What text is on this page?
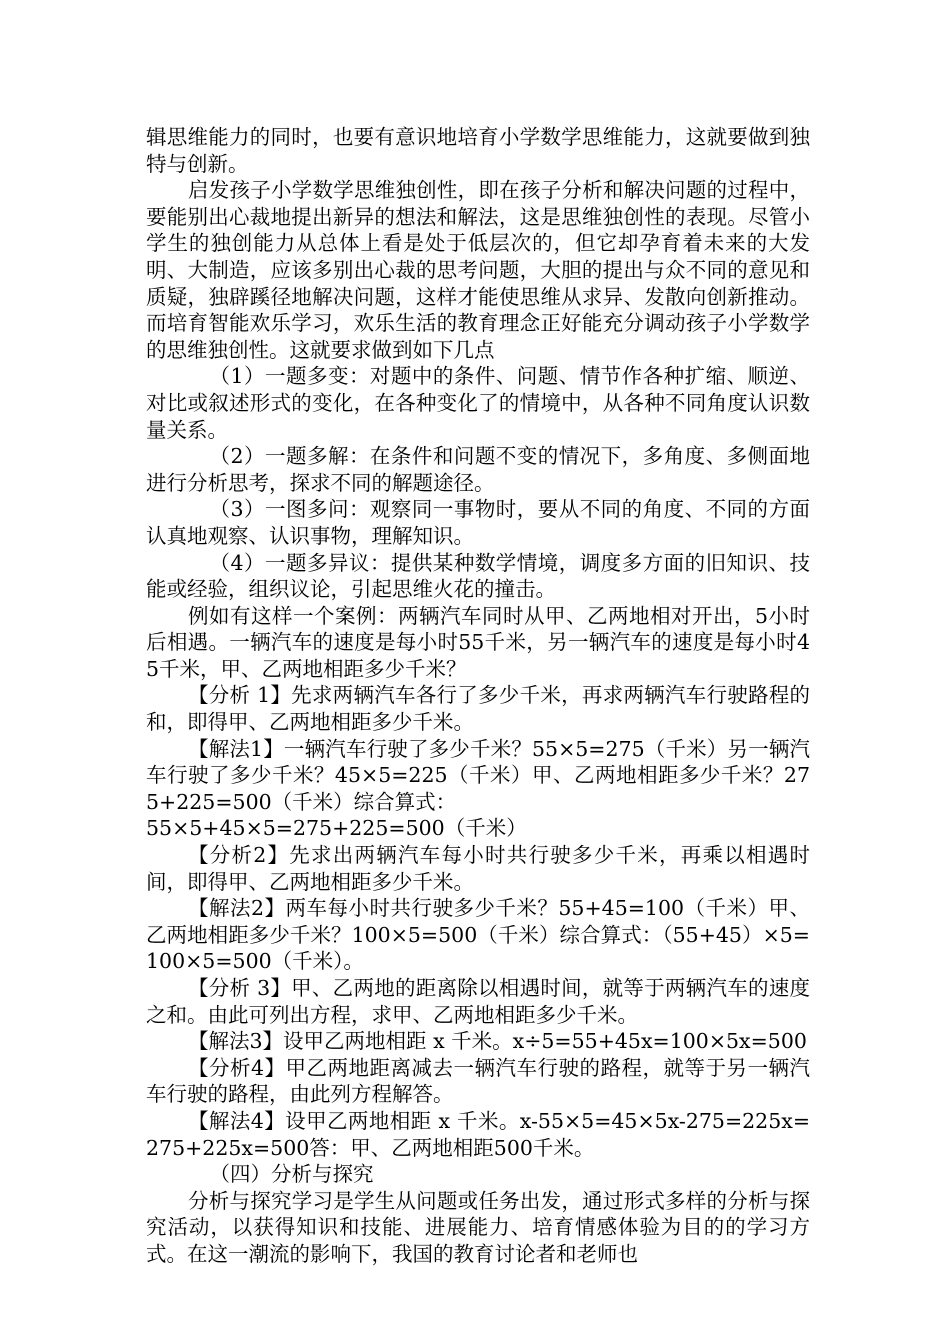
辑思维能力的同时，也要有意识地培育小学数学思维能力，这就要做到独特与创新。

启发孩子小学数学思维独创性，即在孩子分析和解决问题的过程中，要能别出心裁地提出新异的想法和解法，这是思维独创性的表现。尽管小学生的独创能力从总体上看是处于低层次的，但它却孕育着未来的大发明、大制造，应该多别出心裁的思考问题，大胆的提出与众不同的意见和质疑，独辟蹊径地解决问题，这样才能使思维从求异、发散向创新推动。而培育智能欢乐学习，欢乐生活的教育理念正好能充分调动孩子小学数学的思维独创性。这就要求做到如下几点

（1）一题多变：对题中的条件、问题、情节作各种扩缩、顺逆、对比或叙述形式的变化，在各种变化了的情境中，从各种不同角度认识数量关系。

（2）一题多解：在条件和问题不变的情况下，多角度、多侧面地进行分析思考，探求不同的解题途径。

（3）一图多问：观察同一事物时，要从不同的角度、不同的方面认真地观察、认识事物，理解知识。

（4）一题多异议：提供某种数学情境，调度多方面的旧知识、技能或经验，组织议论，引起思维火花的撞击。

例如有这样一个案例：两辆汽车同时从甲、乙两地相对开出，5小时后相遇。一辆汽车的速度是每小时55千米，另一辆汽车的速度是每小时45千米，甲、乙两地相距多少千米？

【分析 1】先求两辆汽车各行了多少千米，再求两辆汽车行驶路程的和，即得甲、乙两地相距多少千米。

【解法1】一辆汽车行驶了多少千米？55×5=275（千米）另一辆汽车行驶了多少千米？45×5=225（千米）甲、乙两地相距多少千米？275+225=500（千米）综合算式：

55×5+45×5=275+225=500（千米）

【分析2】先求出两辆汽车每小时共行驶多少千米，再乘以相遇时间，即得甲、乙两地相距多少千米。

【解法2】两车每小时共行驶多少千米？55+45=100（千米）甲、乙两地相距多少千米？100×5=500（千米）综合算式：（55+45）×5=100×5=500（千米）。

【分析 3】甲、乙两地的距离除以相遇时间，就等于两辆汽车的速度之和。由此可列出方程，求甲、乙两地相距多少千米。

【解法3】设甲乙两地相距 x 千米。x÷5=55+45x=100×5x=500

【分析4】甲乙两地距离减去一辆汽车行驶的路程，就等于另一辆汽车行驶的路程，由此列方程解答。

【解法4】设甲乙两地相距 x 千米。x-55×5=45×5x-275=225x=275+225x=500答：甲、乙两地相距500千米。

（四）分析与探究

分析与探究学习是学生从问题或任务出发，通过形式多样的分析与探究活动，以获得知识和技能、进展能力、培育情感体验为目的的学习方式。在这一潮流的影响下，我国的教育讨论者和老师也
